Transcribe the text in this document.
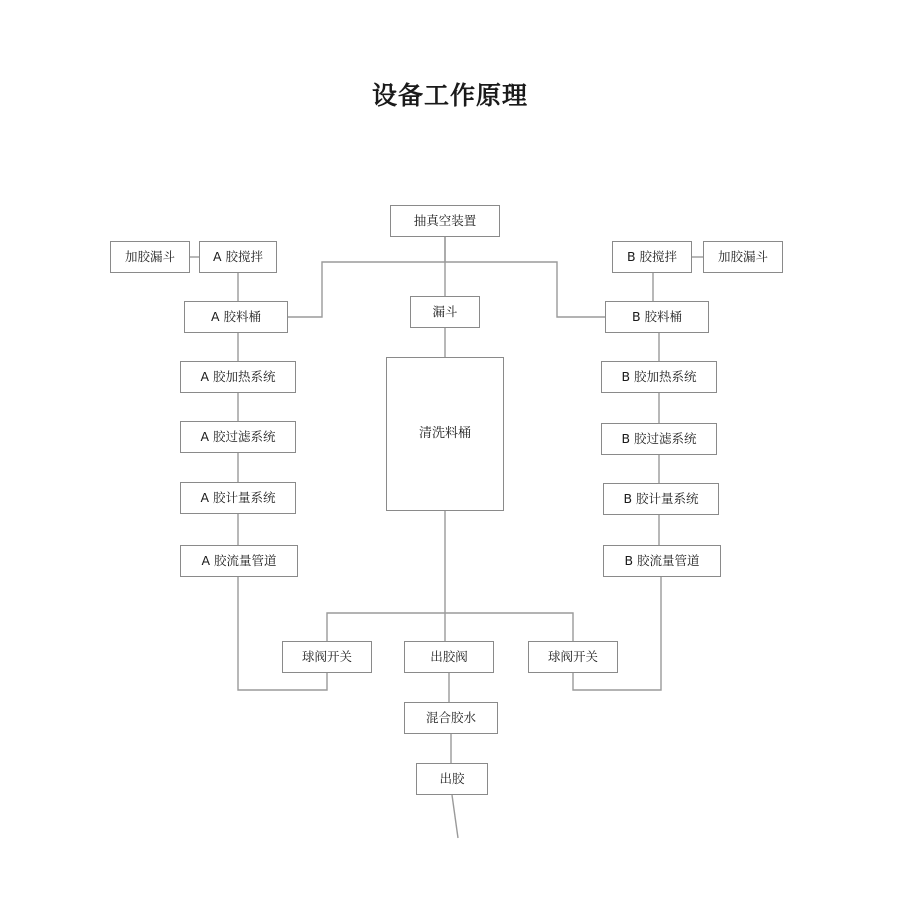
设备工作原理
抽真空装置
加胶漏斗	A 胶搅拌	B 胶搅拌	加胶漏斗
A 胶料桶	漏斗	B 胶料桶
A 胶加热系统	B 胶加热系统
清洗料桶
A 胶过滤系统	B 胶过滤系统
A 胶计量系统	B 胶计量系统
A 胶流量管道	B 胶流量管道
球阀开关	出胶阀	球阀开关
混合胶水
出胶
